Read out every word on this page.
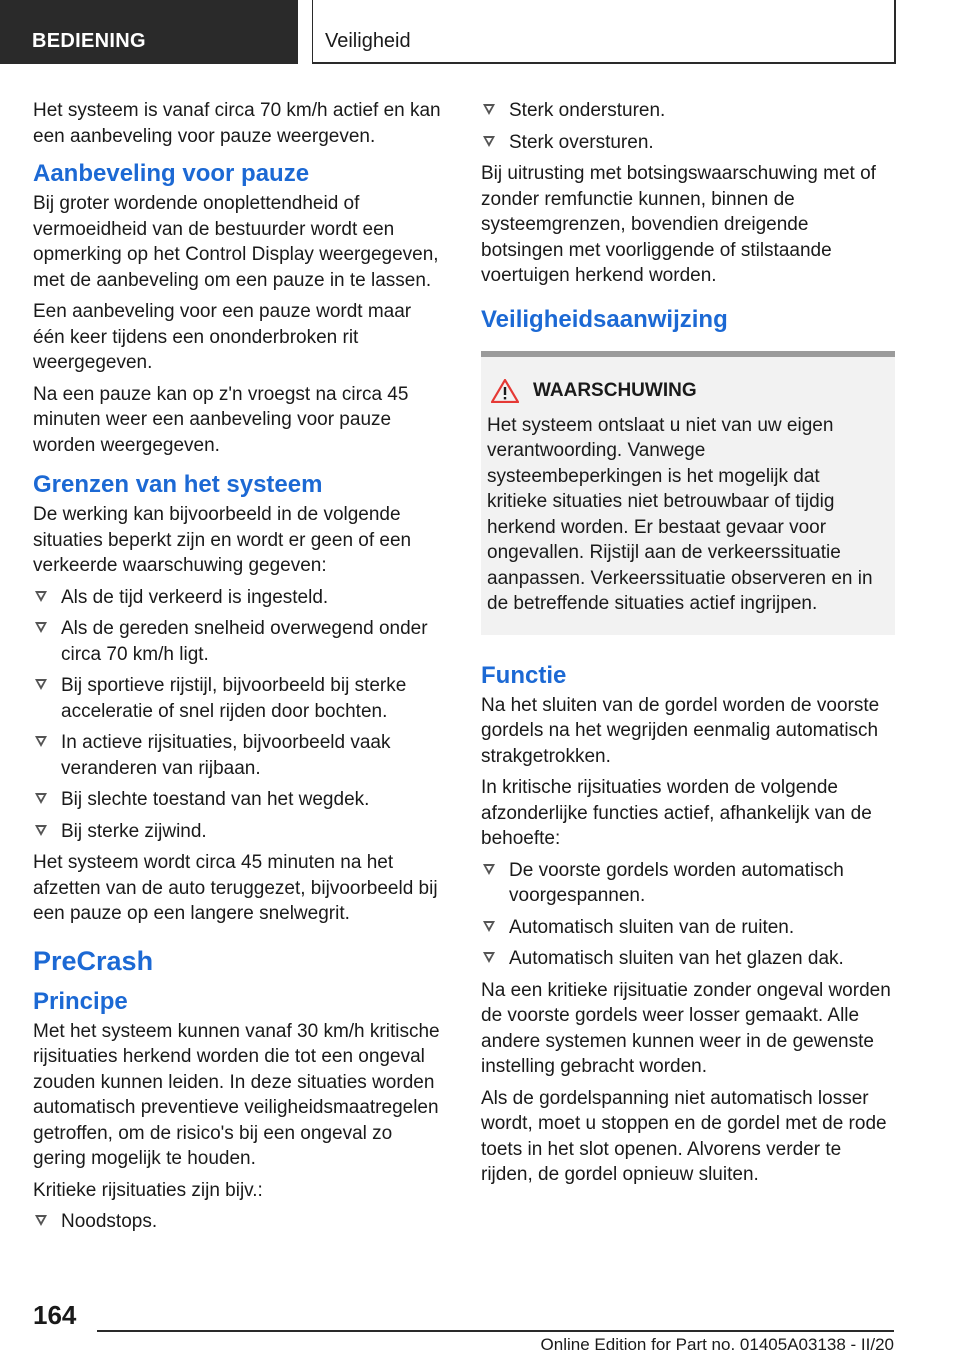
BEDIENING	Veiligheid

Het systeem is vanaf circa 70 km/h actief en kan een aanbeveling voor pauze weergeven.

Aanbeveling voor pauze

Bij groter wordende onoplettendheid of vermoeidheid van de bestuurder wordt een opmerking op het Control Display weergegeven, met de aanbeveling om een pauze in te lassen.

Een aanbeveling voor een pauze wordt maar één keer tijdens een ononderbroken rit weergegeven.

Na een pauze kan op z'n vroegst na circa 45 minuten weer een aanbeveling voor pauze worden weergegeven.

Grenzen van het systeem

De werking kan bijvoorbeeld in de volgende situaties beperkt zijn en wordt er geen of een verkeerde waarschuwing gegeven:

Als de tijd verkeerd is ingesteld.
Als de gereden snelheid overwegend onder circa 70 km/h ligt.
Bij sportieve rijstijl, bijvoorbeeld bij sterke acceleratie of snel rijden door bochten.
In actieve rijsituaties, bijvoorbeeld vaak veranderen van rijbaan.
Bij slechte toestand van het wegdek.
Bij sterke zijwind.

Het systeem wordt circa 45 minuten na het afzetten van de auto teruggezet, bijvoorbeeld bij een pauze op een langere snelwegrit.

PreCrash
Principe

Met het systeem kunnen vanaf 30 km/h kritische rijsituaties herkend worden die tot een ongeval zouden kunnen leiden. In deze situaties worden automatisch preventieve veiligheidsmaatregelen getroffen, om de risico's bij een ongeval zo gering mogelijk te houden.

Kritieke rijsituaties zijn bijv.:

Noodstops.
Sterk ondersturen.
Sterk oversturen.

Bij uitrusting met botsingswaarschuwing met of zonder remfunctie kunnen, binnen de systeemgrenzen, bovendien dreigende botsingen met voorliggende of stilstaande voertuigen herkend worden.

Veiligheidsaanwijzing
WAARSCHUWING

Het systeem ontslaat u niet van uw eigen verantwoording. Vanwege systeembeperkingen is het mogelijk dat kritieke situaties niet betrouwbaar of tijdig herkend worden. Er bestaat gevaar voor ongevallen. Rijstijl aan de verkeerssituatie aanpassen. Verkeerssituatie observeren en in de betreffende situaties actief ingrijpen.

Functie

Na het sluiten van de gordel worden de voorste gordels na het wegrijden eenmalig automatisch strakgetrokken.

In kritische rijsituaties worden de volgende afzonderlijke functies actief, afhankelijk van de behoefte:

De voorste gordels worden automatisch voorgespannen.
Automatisch sluiten van de ruiten.
Automatisch sluiten van het glazen dak.

Na een kritieke rijsituatie zonder ongeval worden de voorste gordels weer losser gemaakt. Alle andere systemen kunnen weer in de gewenste instelling gebracht worden.

Als de gordelspanning niet automatisch losser wordt, moet u stoppen en de gordel met de rode toets in het slot openen. Alvorens verder te rijden, de gordel opnieuw sluiten.

164
Online Edition for Part no. 01405A03138 - II/20
